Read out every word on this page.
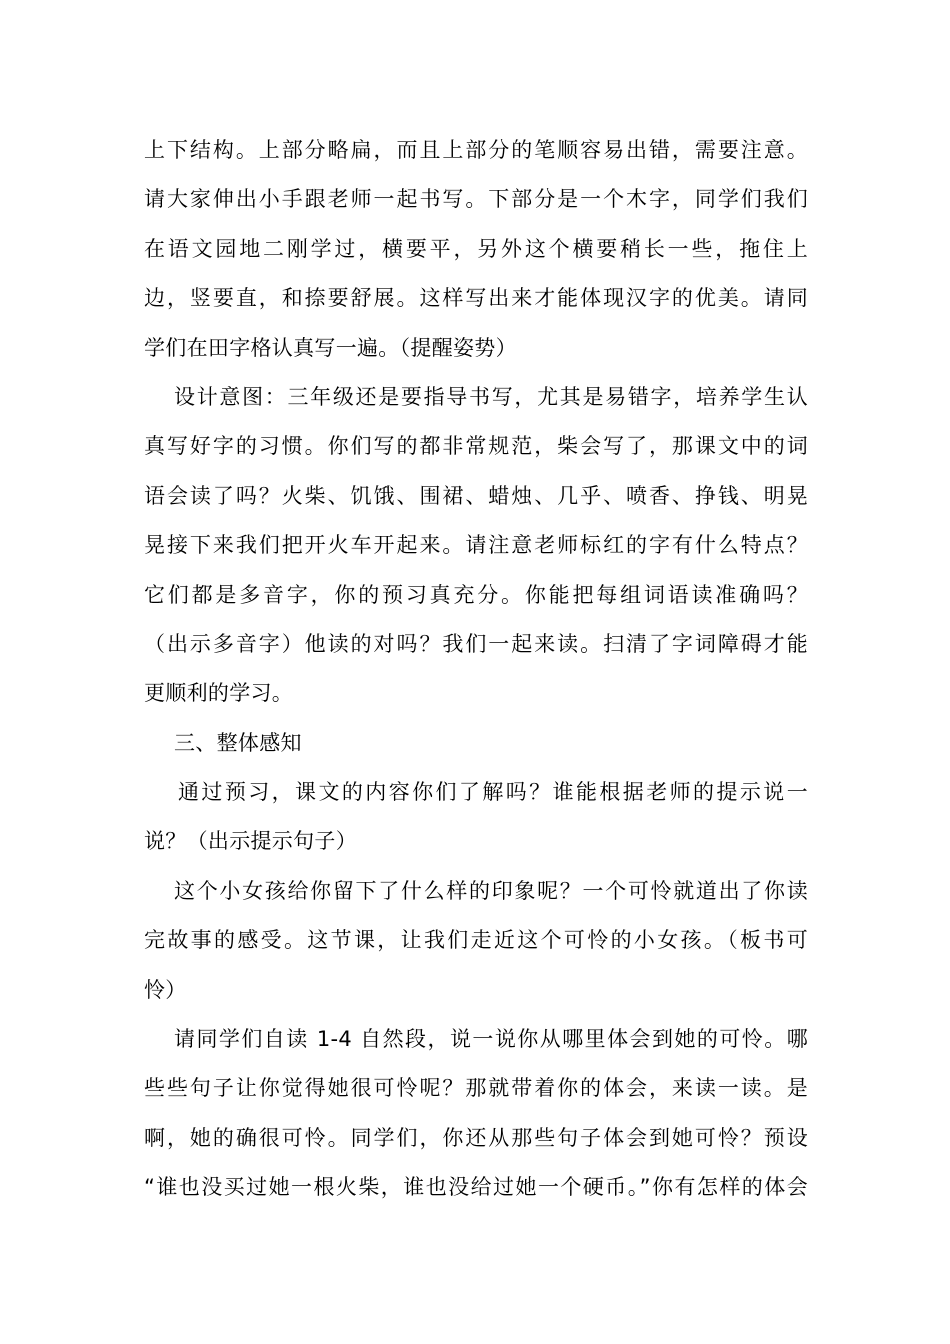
上下结构。上部分略扁，而且上部分的笔顺容易出错，需要注意。
请大家伸出小手跟老师一起书写。下部分是一个木字，同学们我们
在语文园地二刚学过，横要平，另外这个横要稍长一些，拖住上
边，竖要直，和捺要舒展。这样写出来才能体现汉字的优美。请同
学们在田字格认真写一遍。（提醒姿势）
设计意图：三年级还是要指导书写，尤其是易错字，培养学生认
真写好字的习惯。你们写的都非常规范，柴会写了，那课文中的词
语会读了吗？火柴、饥饿、围裙、蜡烛、几乎、喷香、挣钱、明晃
晃接下来我们把开火车开起来。请注意老师标红的字有什么特点？
它们都是多音字，你的预习真充分。你能把每组词语读准确吗？
（出示多音字）他读的对吗？我们一起来读。扫清了字词障碍才能
更顺利的学习。
三、整体感知
通过预习，课文的内容你们了解吗？谁能根据老师的提示说一
说？（出示提示句子）
这个小女孩给你留下了什么样的印象呢？一个可怜就道出了你读
完故事的感受。这节课，让我们走近这个可怜的小女孩。（板书可
怜）
请同学们自读 1-4 自然段，说一说你从哪里体会到她的可怜。哪
些些句子让你觉得她很可怜呢？那就带着你的体会，来读一读。是
啊，她的确很可怜。同学们，你还从那些句子体会到她可怜？预设
“谁也没买过她一根火柴，谁也没给过她一个硬币。”你有怎样的体会
